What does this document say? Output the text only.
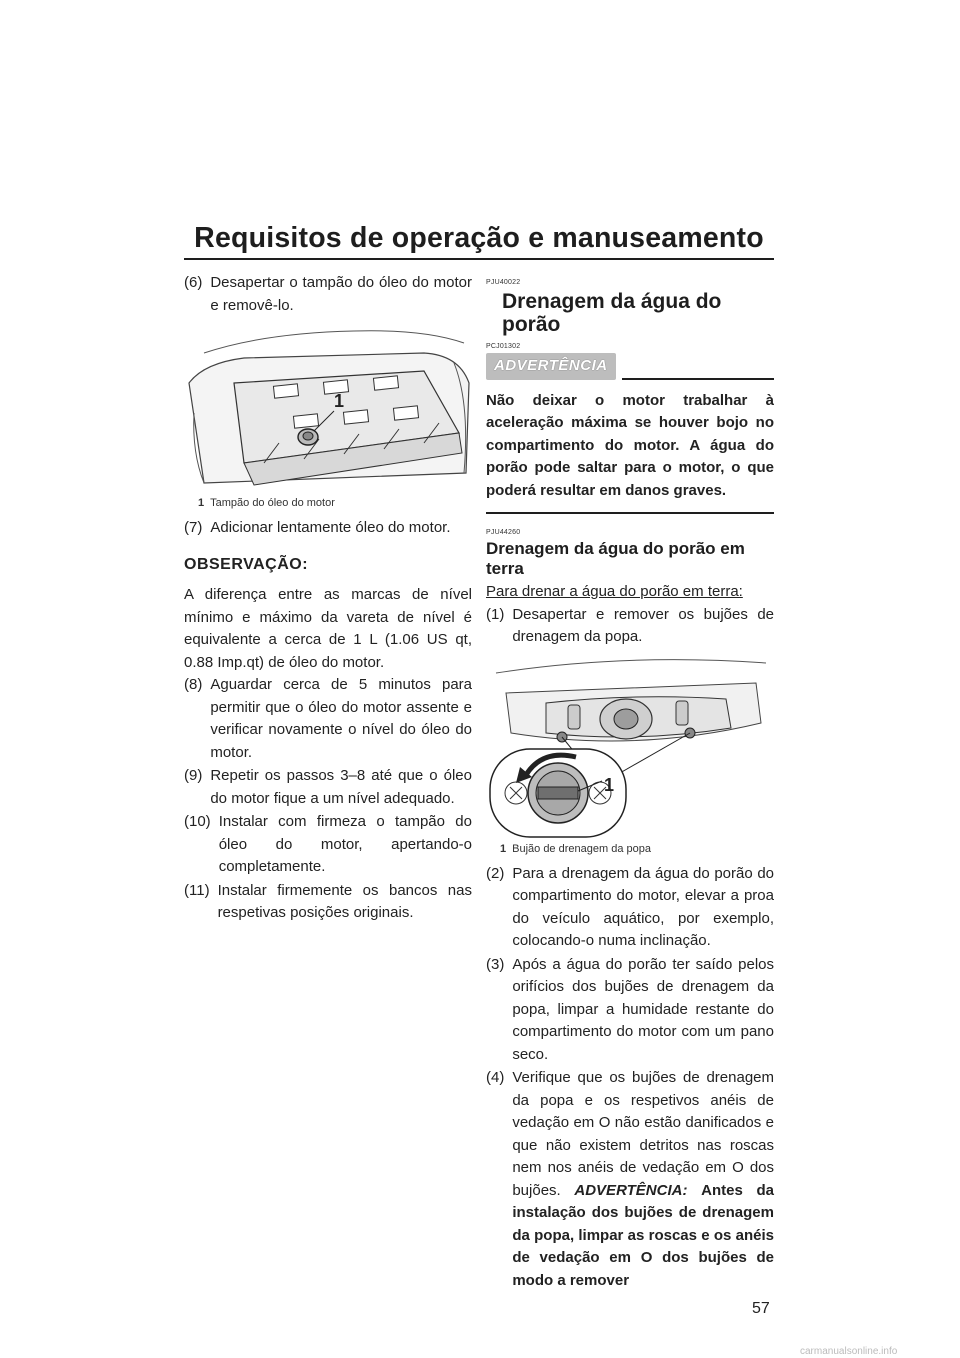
Requisitos de operação e manuseamento
(6) Desapertar o tampão do óleo do motor e removê-lo.
1
1 Tampão do óleo do motor
(7) Adicionar lentamente óleo do motor.
OBSERVAÇÃO:
A diferença entre as marcas de nível mínimo e máximo da vareta de nível é equivalente a cerca de 1 L (1.06 US qt, 0.88 Imp.qt) de óleo do motor.
(8) Aguardar cerca de 5 minutos para permitir que o óleo do motor assente e verificar novamente o nível do óleo do motor.
(9) Repetir os passos 3–8 até que o óleo do motor fique a um nível adequado.
(10) Instalar com firmeza o tampão do óleo do motor, apertando-o completamente.
(11) Instalar firmemente os bancos nas respetivas posições originais.
PJU40022
Drenagem da água do porão
PCJ01302
ADVERTÊNCIA
Não deixar o motor trabalhar à aceleração máxima se houver bojo no compartimento do motor. A água do porão pode saltar para o motor, o que poderá resultar em danos graves.
PJU44260
Drenagem da água do porão em terra
Para drenar a água do porão em terra:
(1) Desapertar e remover os bujões de drenagem da popa.
1
1 Bujão de drenagem da popa
(2) Para a drenagem da água do porão do compartimento do motor, elevar a proa do veículo aquático, por exemplo, colocando-o numa inclinação.
(3) Após a água do porão ter saído pelos orifícios dos bujões de drenagem da popa, limpar a humidade restante do compartimento do motor com um pano seco.
(4) Verifique que os bujões de drenagem da popa e os respetivos anéis de vedação em O não estão danificados e que não existem detritos nas roscas nem nos anéis de vedação em O dos bujões. ADVERTÊNCIA: Antes da instalação dos bujões de drenagem da popa, limpar as roscas e os anéis de vedação em O dos bujões de modo a remover
57
carmanualsonline.info
